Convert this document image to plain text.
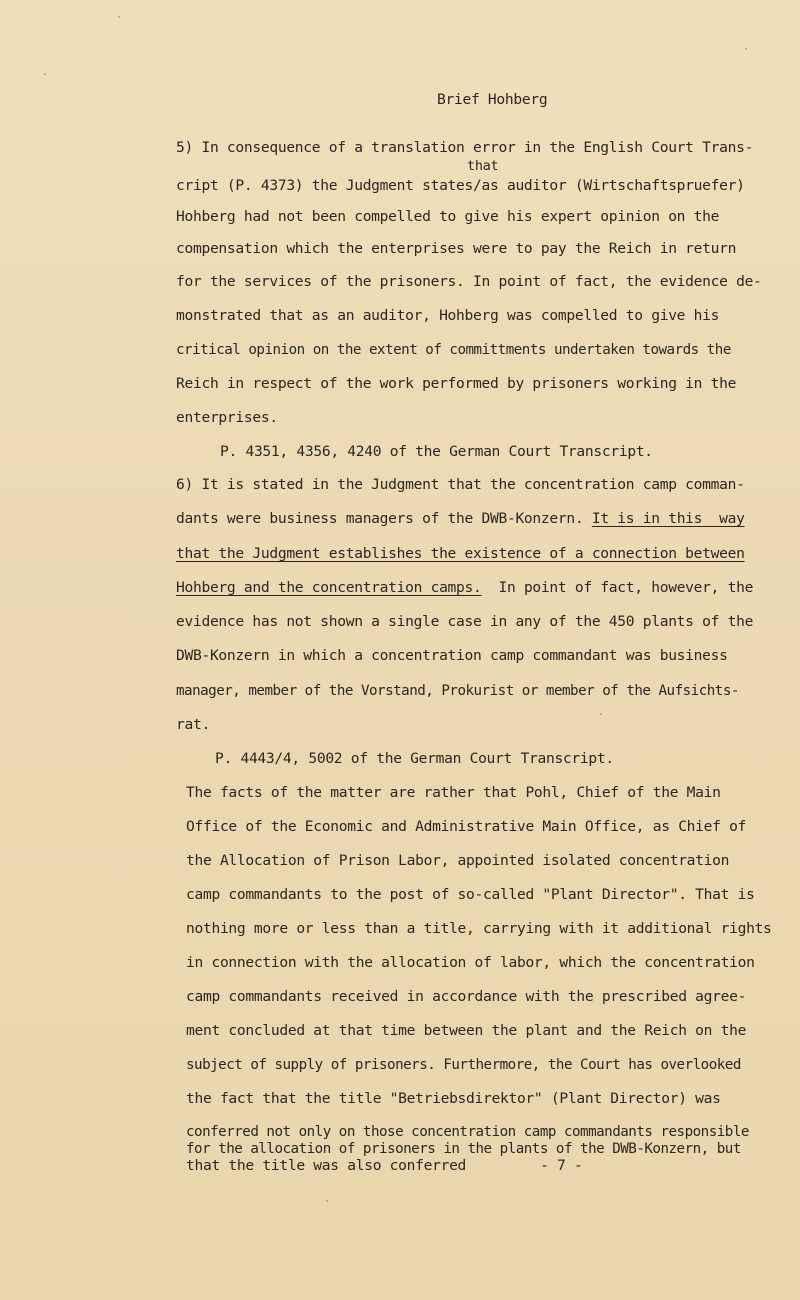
Brief Hohberg
5) In consequence of a translation error in the English Court Trans-
that
cript (P. 4373) the Judgment states/as auditor (Wirtschaftspruefer)
Hohberg had not been compelled to give his expert opinion on the
compensation which the enterprises were to pay the Reich in return
for the services of the prisoners. In point of fact, the evidence de-
monstrated that as an auditor, Hohberg was compelled to give his
critical opinion on the extent of committments undertaken towards the
Reich in respect of the work performed by prisoners working in the
enterprises.
P. 4351, 4356, 4240 of the German Court Transcript.
6) It is stated in the Judgment that the concentration camp comman-
dants were business managers of the DWB-Konzern. It is in this  way
that the Judgment establishes the existence of a connection between
Hohberg and the concentration camps.  In point of fact, however, the
evidence has not shown a single case in any of the 450 plants of the
DWB-Konzern in which a concentration camp commandant was business
manager, member of the Vorstand, Prokurist or member of the Aufsichts-
rat.
P. 4443/4, 5002 of the German Court Transcript.
The facts of the matter are rather that Pohl, Chief of the Main
Office of the Economic and Administrative Main Office, as Chief of
the Allocation of Prison Labor, appointed isolated concentration
camp commandants to the post of so-called "Plant Director". That is
nothing more or less than a title, carrying with it additional rights
in connection with the allocation of labor, which the concentration
camp commandants received in accordance with the prescribed agree-
ment concluded at that time between the plant and the Reich on the
subject of supply of prisoners. Furthermore, the Court has overlooked
the fact that the title "Betriebsdirektor" (Plant Director) was
conferred not only on those concentration camp commandants responsible
for the allocation of prisoners in the plants of the DWB-Konzern, but
that the title was also conferred	- 7 -
